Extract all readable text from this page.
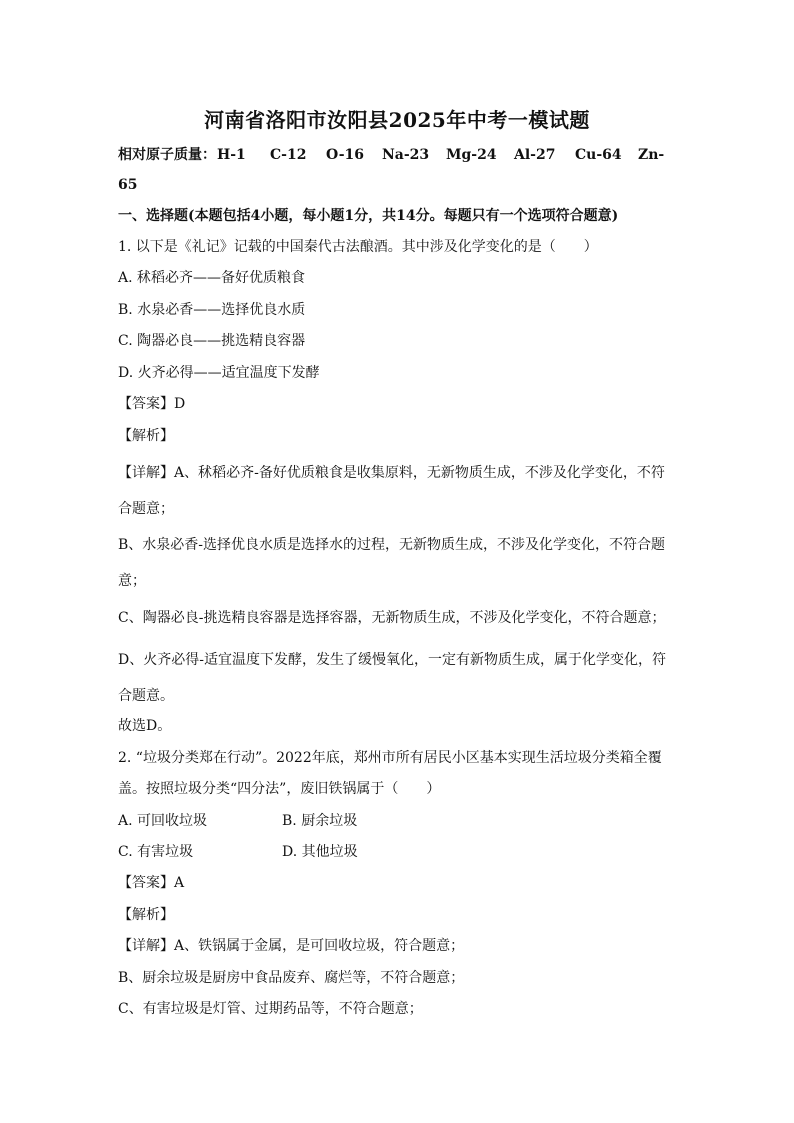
河南省洛阳市汝阳县2025年中考一模试题
相对原子质量： H-1 C-12 O-16 Na-23 Mg-24 Al-27 Cu-64 Zn-
65
一、选择题(本题包括4小题，每小题1分，共14分。每题只有一个选项符合题意)
1. 以下是《礼记》记载的中国秦代古法酿酒。其中涉及化学变化的是（　　）
A. 秫稻必齐——备好优质粮食
B. 水泉必香——选择优良水质
C. 陶器必良——挑选精良容器
D. 火齐必得——适宜温度下发酵
【答案】D
【解析】
【详解】A、秫稻必齐-备好优质粮食是收集原料，无新物质生成，不涉及化学变化，不符
合题意；
B、水泉必香-选择优良水质是选择水的过程，无新物质生成，不涉及化学变化，不符合题
意；
C、陶器必良-挑选精良容器是选择容器，无新物质生成，不涉及化学变化，不符合题意；
D、火齐必得-适宜温度下发酵，发生了缓慢氧化，一定有新物质生成，属于化学变化，符
合题意。
故选D。
2. “垃圾分类郑在行动”。2022年底，郑州市所有居民小区基本实现生活垃圾分类箱全覆
盖。按照垃圾分类“四分法”，废旧铁锅属于（　　）
A. 可回收垃圾	B. 厨余垃圾
C. 有害垃圾	D. 其他垃圾
【答案】A
【解析】
【详解】A、铁锅属于金属，是可回收垃圾，符合题意；
B、厨余垃圾是厨房中食品废弃、腐烂等，不符合题意；
C、有害垃圾是灯管、过期药品等，不符合题意；
